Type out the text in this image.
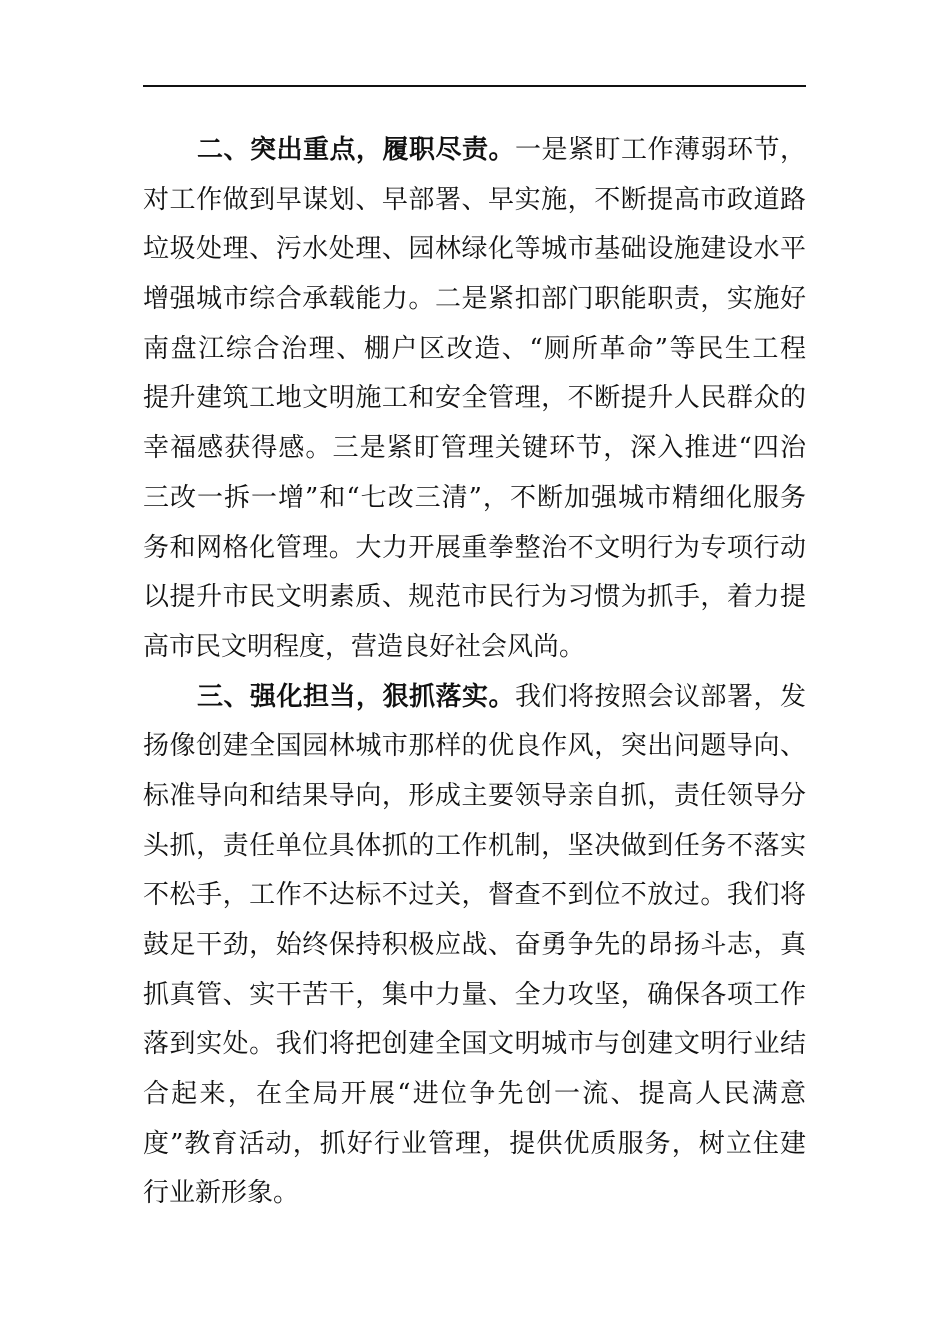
二、突出重点，履职尽责。一是紧盯工作薄弱环节，
对工作做到早谋划、早部署、早实施，不断提高市政道路
垃圾处理、污水处理、园林绿化等城市基础设施建设水平
增强城市综合承载能力。二是紧扣部门职能职责，实施好
南盘江综合治理、棚户区改造、“厕所革命”等民生工程
提升建筑工地文明施工和安全管理，不断提升人民群众的
幸福感获得感。三是紧盯管理关键环节，深入推进“四治
三改一拆一增”和“七改三清”，不断加强城市精细化服务
务和网格化管理。大力开展重拳整治不文明行为专项行动
以提升市民文明素质、规范市民行为习惯为抓手，着力提
高市民文明程度，营造良好社会风尚。
三、强化担当，狠抓落实。我们将按照会议部署，发
扬像创建全国园林城市那样的优良作风，突出问题导向、
标准导向和结果导向，形成主要领导亲自抓，责任领导分
头抓，责任单位具体抓的工作机制，坚决做到任务不落实
不松手，工作不达标不过关，督查不到位不放过。我们将
鼓足干劲，始终保持积极应战、奋勇争先的昂扬斗志，真
抓真管、实干苦干，集中力量、全力攻坚，确保各项工作
落到实处。我们将把创建全国文明城市与创建文明行业结
合起来，在全局开展“进位争先创一流、提高人民满意
度”教育活动，抓好行业管理，提供优质服务，树立住建
行业新形象。
